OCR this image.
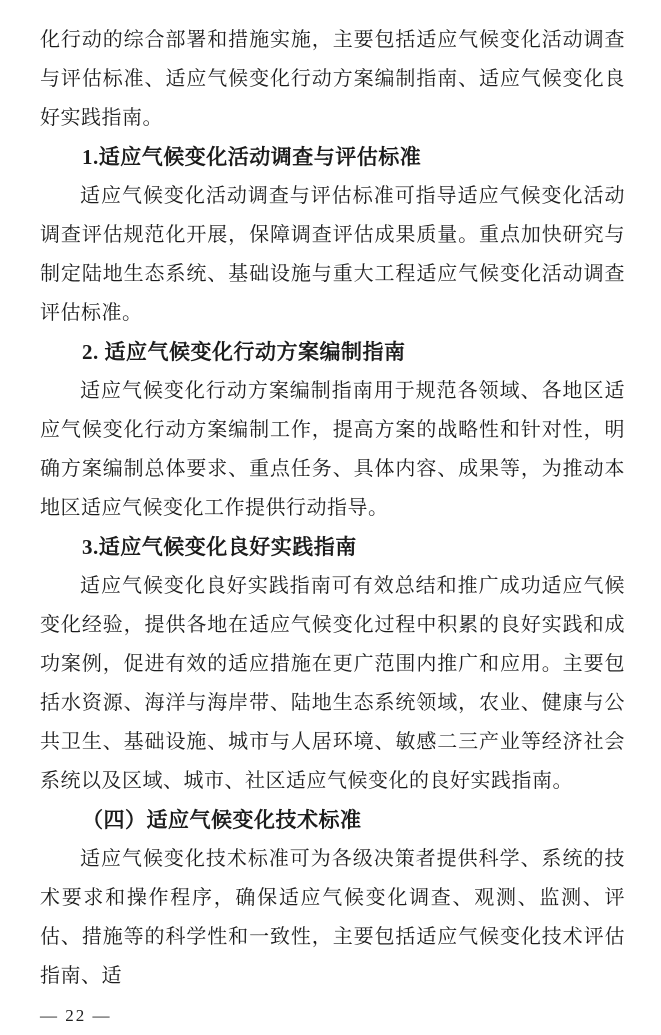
化行动的综合部署和措施实施，主要包括适应气候变化活动调查与评估标准、适应气候变化行动方案编制指南、适应气候变化良好实践指南。

1.适应气候变化活动调查与评估标准

适应气候变化活动调查与评估标准可指导适应气候变化活动调查评估规范化开展，保障调查评估成果质量。重点加快研究与制定陆地生态系统、基础设施与重大工程适应气候变化活动调查评估标准。

2. 适应气候变化行动方案编制指南

适应气候变化行动方案编制指南用于规范各领域、各地区适应气候变化行动方案编制工作，提高方案的战略性和针对性，明确方案编制总体要求、重点任务、具体内容、成果等，为推动本地区适应气候变化工作提供行动指导。

3.适应气候变化良好实践指南

适应气候变化良好实践指南可有效总结和推广成功适应气候变化经验，提供各地在适应气候变化过程中积累的良好实践和成功案例，促进有效的适应措施在更广范围内推广和应用。主要包括水资源、海洋与海岸带、陆地生态系统领域，农业、健康与公共卫生、基础设施、城市与人居环境、敏感二三产业等经济社会系统以及区域、城市、社区适应气候变化的良好实践指南。

（四）适应气候变化技术标准

适应气候变化技术标准可为各级决策者提供科学、系统的技术要求和操作程序，确保适应气候变化调查、观测、监测、评估、措施等的科学性和一致性，主要包括适应气候变化技术评估指南、适

— 22 —
